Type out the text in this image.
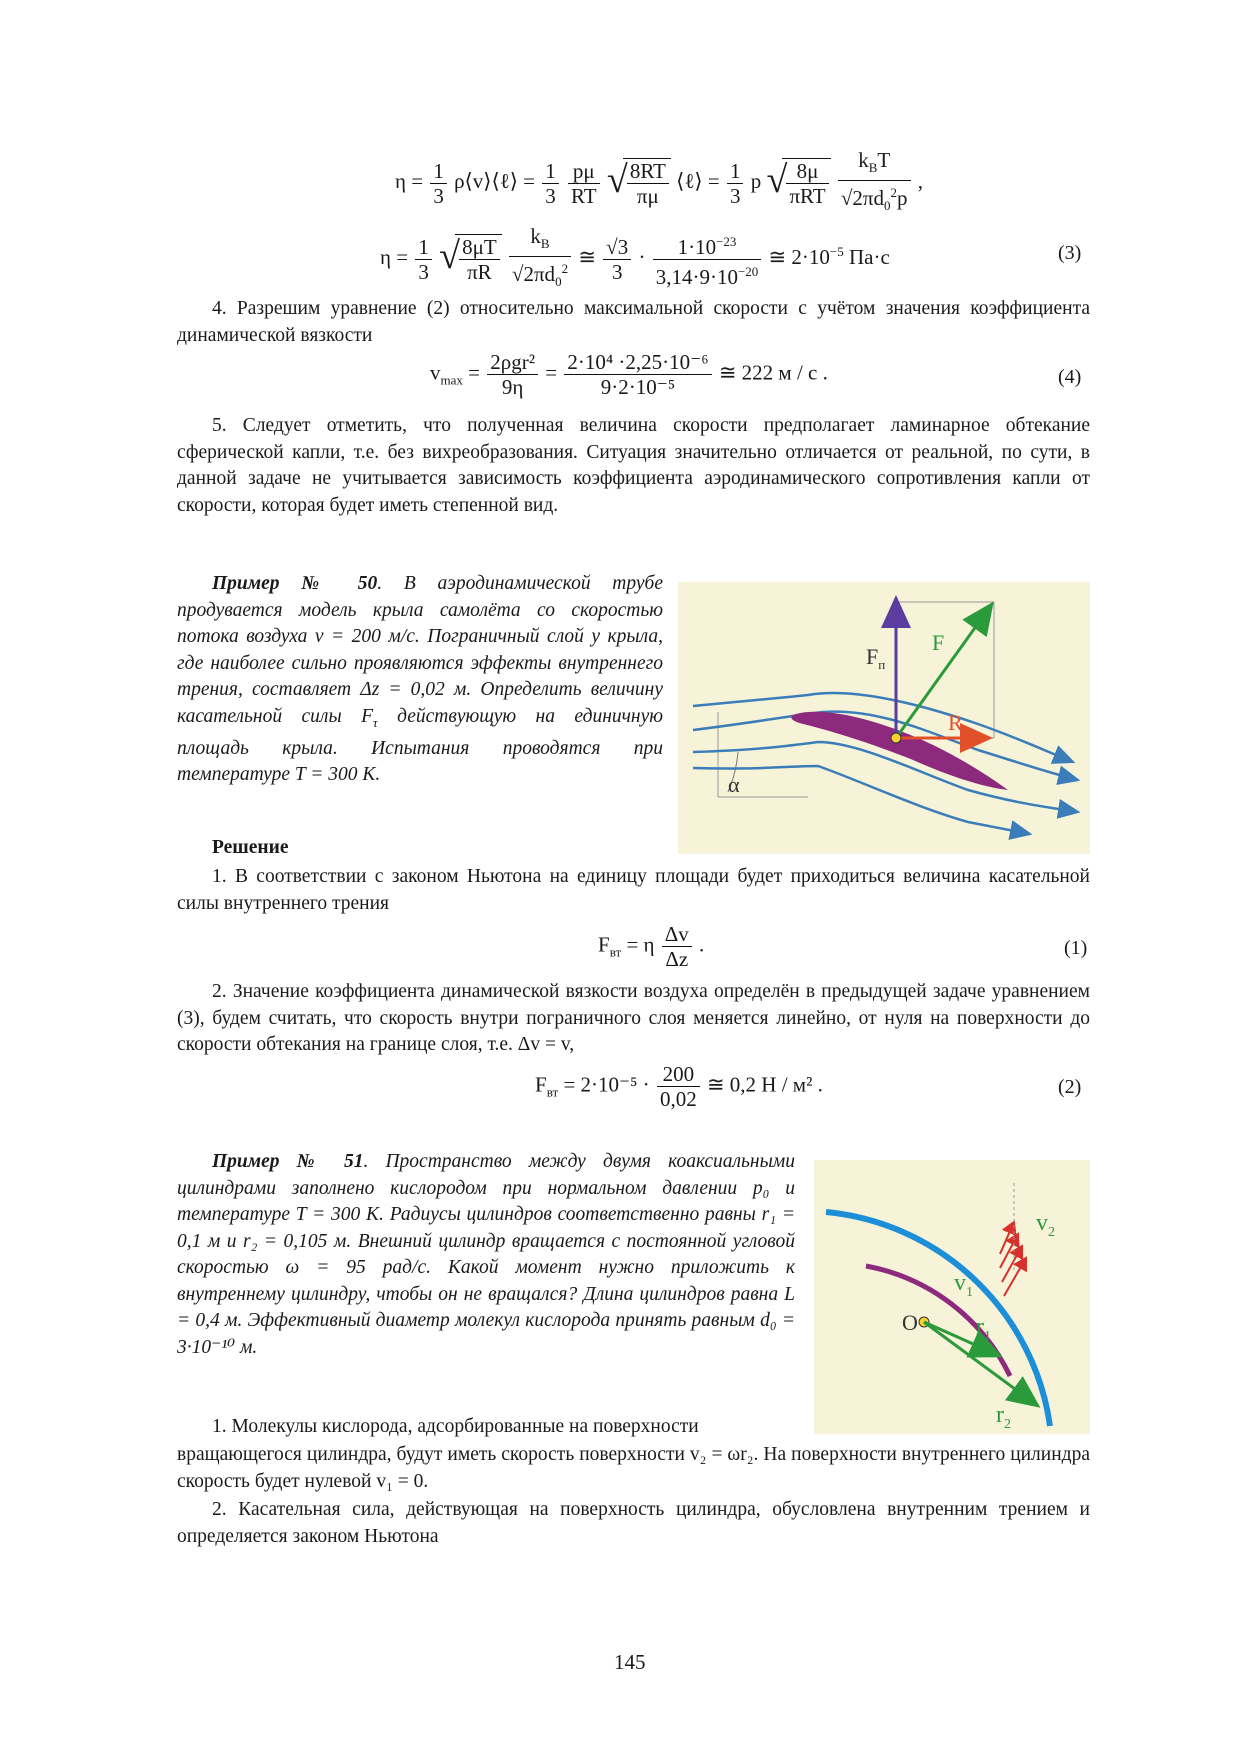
$\eta = \frac{1}{3}$ ρ⟨v⟩⟨ℓ⟩ = $\frac{1}{3}$
$\frac{p\mu}{RT}$
√ $\frac{8RT}{\pi\mu}$ ⟨ℓ⟩ = $\frac{1}{3}$ p √ $\frac{8\mu}{\text{πRT}}$
$\frac{k_BT}{√2\pi d_0^2p}$ ,
$\eta = \frac{1}{3}$
√ $\frac{8\mu T}{\pi R}$
$\frac{k_B}{√2\pi d_0^2}$ ≅ $\frac{√3}{3} \cdot \frac{1\cdot 10^{-23}}{3,14\cdot 9\cdot 10^{-20}}$ ≅ $2\cdot 10^{-5}$ Па·с	(3)
4. Разрешим уравнение (2) относительно максимальной скорости с учётом значения коэффициента динамической вязкости
$v_{max} = \frac{\text{2ρgr²}}{9\eta} = \frac{\text{2·10⁴ ·2,25·10⁻⁶}}{\text{9·2·10⁻⁵}}$ ≅ 222 м / с .	(4)
5. Следует отметить, что полученная величина скорости предполагает ламинарное обтекание сферической капли, т.е. без вихреобразования. Ситуация значительно отличается от реальной, по сути, в данной задаче не учитывается зависимость коэффициента аэродинамического сопротивления капли от скорости, которая будет иметь степенной вид.
Пример № 50. В аэродинамической трубе продувается модель крыла самолёта со скоростью потока воздуха v = 200 м/с. Пограничный слой у крыла, где наиболее сильно проявляются эффекты внутреннего трения, составляет Δz = 0,02 м. Определить величину касательной силы $F_\tau$ действующую на единичную площадь крыла. Испытания проводятся при температуре T = 300 K.
$F_п$
F
R
α
Решение
1. В соответствии с законом Ньютона на единицу площади будет приходиться величина касательной силы внутреннего трения
$F_{вт} = \eta \frac{\Delta v}{\Delta z}$ .	(1)
2. Значение коэффициента динамической вязкости воздуха определён в предыдущей задаче уравнением (3), будем считать, что скорость внутри пограничного слоя меняется линейно, от нуля на поверхности до скорости обтекания на границе слоя, т.е. Δv = v,
$F_{вт} = 2\cdot 10^{-5} \cdot \frac{200}{0,02}$ ≅ 0,2 Н / м² .	(2)
Пример № 51. Пространство между двумя коаксиальными цилиндрами заполнено кислородом при нормальном давлении p₀ и температуре T = 300 K. Радиусы цилиндров соответственно равны r₁ = 0,1 м и r₂ = 0,105 м. Внешний цилиндр вращается с постоянной угловой скоростью ω = 95 рад/с. Какой момент нужно приложить к внутреннему цилиндру, чтобы он не вращался? Длина цилиндров равна L = 0,4 м. Эффективный диаметр молекул кислорода принять равным d₀ = 3·10⁻¹⁰ м.
$v_2$
$v_1$
O $r_1$
$r_2$
1. Молекулы кислорода, адсорбированные на поверхности
вращающегося цилиндра, будут иметь скорость поверхности v₂ = ωr₂. На поверхности внутреннего цилиндра скорость будет нулевой v₁ = 0.
2. Касательная сила, действующая на поверхность цилиндра, обусловлена внутренним трением и определяется законом Ньютона
145
